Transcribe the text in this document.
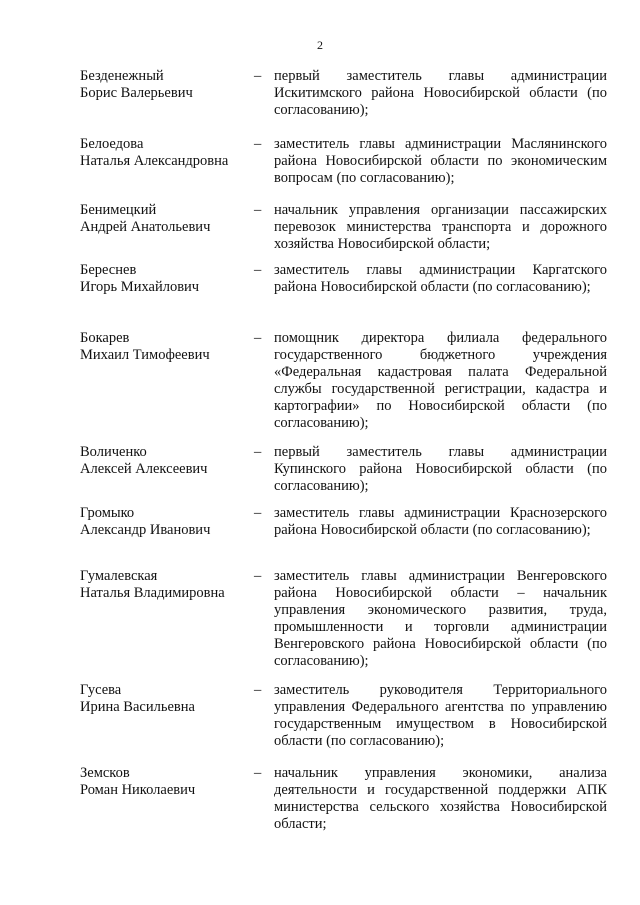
2
Безденежный
Борис Валерьевич
– первый заместитель главы администрации Искитимского района Новосибирской области (по согласованию);
Белоедова
Наталья Александровна
– заместитель главы администрации Маслянинского района Новосибирской области по экономическим вопросам (по согласованию);
Бенимецкий
Андрей Анатольевич
– начальник управления организации пассажирских перевозок министерства транспорта и дорожного хозяйства Новосибирской области;
Береснев
Игорь Михайлович
– заместитель главы администрации Каргатского района Новосибирской области (по согласованию);
Бокарев
Михаил Тимофеевич
– помощник директора филиала федерального государственного бюджетного учреждения «Федеральная кадастровая палата Федеральной службы государственной регистрации, кадастра и картографии» по Новосибирской области (по согласованию);
Воличенко
Алексей Алексеевич
– первый заместитель главы администрации Купинского района Новосибирской области (по согласованию);
Громыко
Александр Иванович
– заместитель главы администрации Краснозерского района Новосибирской области (по согласованию);
Гумалевская
Наталья Владимировна
– заместитель главы администрации Венгеровского района Новосибирской области – начальник управления экономического развития, труда, промышленности и торговли администрации Венгеровского района Новосибирской области (по согласованию);
Гусева
Ирина Васильевна
– заместитель руководителя Территориального управления Федерального агентства по управлению государственным имуществом в Новосибирской области (по согласованию);
Земсков
Роман Николаевич
– начальник управления экономики, анализа деятельности и государственной поддержки АПК министерства сельского хозяйства Новосибирской области;
